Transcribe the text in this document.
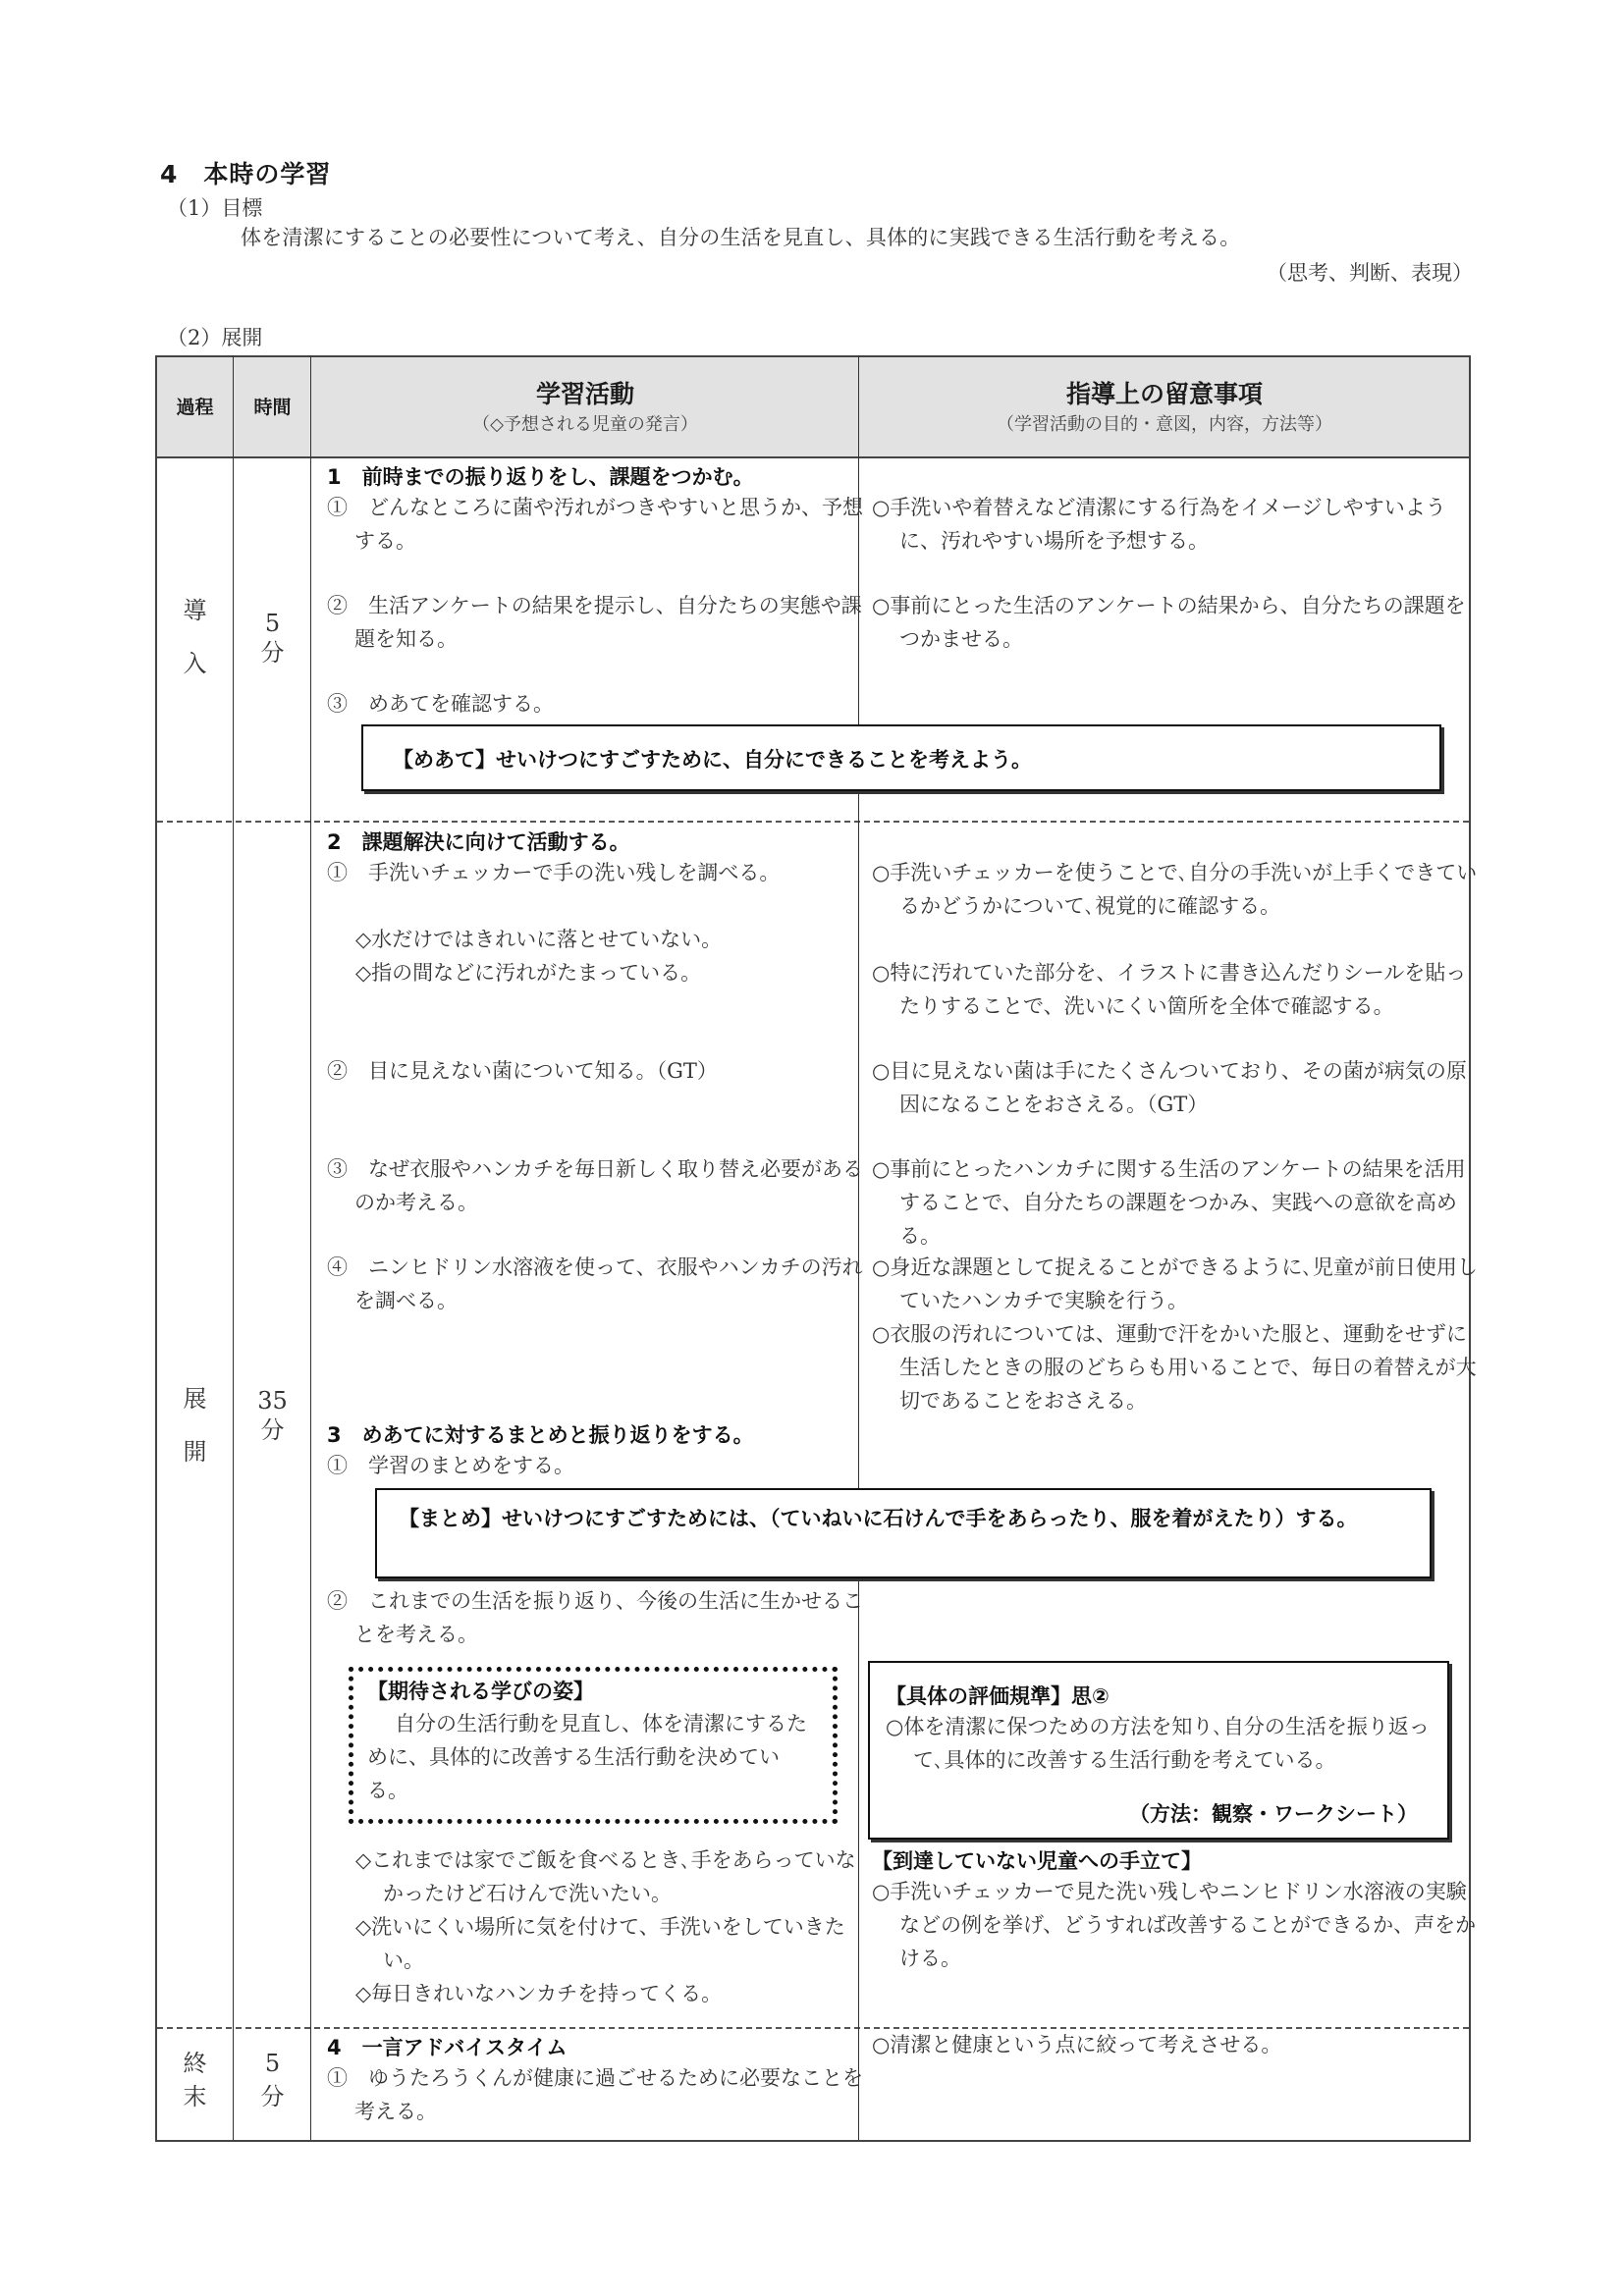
4　本時の学習
（1）目標
体を清潔にすることの必要性について考え、自分の生活を見直し、具体的に実践できる生活行動を考える。
（思考、判断、表現）
（2）展開
過程	時間	学習活動
（◇予想される児童の発言）
指導上の留意事項
（学習活動の目的・意図，内容，方法等）
導
入
5
分
1　前時までの振り返りをし、課題をつかむ。
①　どんなところに菌や汚れがつきやすいと思うか、予想する。
②　生活アンケートの結果を提示し、自分たちの実態や課題を知る。
③　めあてを確認する。
○手洗いや着替えなど清潔にする行為をイメージしやすいように、汚れやすい場所を予想する。
○事前にとった生活のアンケートの結果から、自分たちの課題をつかませる。
【めあて】せいけつにすごすために、自分にできることを考えよう。
展
開
35
分
2　課題解決に向けて活動する。
①　手洗いチェッカーで手の洗い残しを調べる。
◇水だけではきれいに落とせていない。
◇指の間などに汚れがたまっている。
②　目に見えない菌について知る。（GT）
③　なぜ衣服やハンカチを毎日新しく取り替え必要があるのか考える。
④　ニンヒドリン水溶液を使って、衣服やハンカチの汚れを調べる。
○手洗いチェッカーを使うことで､自分の手洗いが上手くできているかどうかについて､視覚的に確認する。
○特に汚れていた部分を、イラストに書き込んだりシールを貼ったりすることで、洗いにくい箇所を全体で確認する。
○目に見えない菌は手にたくさんついており、その菌が病気の原因になることをおさえる。（GT）
○事前にとったハンカチに関する生活のアンケートの結果を活用することで、自分たちの課題をつかみ、実践への意欲を高める。
○身近な課題として捉えることができるように､児童が前日使用していたハンカチで実験を行う。
○衣服の汚れについては、運動で汗をかいた服と、運動をせずに生活したときの服のどちらも用いることで、毎日の着替えが大切であることをおさえる。
3　めあてに対するまとめと振り返りをする。
①　学習のまとめをする。
【まとめ】せいけつにすごすためには、（ていねいに石けんで手をあらったり、服を着がえたり）する。
②　これまでの生活を振り返り、今後の生活に生かせることを考える。
【期待される学びの姿】
自分の生活行動を見直し、体を清潔にするために、具体的に改善する生活行動を決めている。
【具体の評価規準】思②
○体を清潔に保つための方法を知り､自分の生活を振り返って､具体的に改善する生活行動を考えている。
（方法：観察・ワークシート）
◇これまでは家でご飯を食べるとき､手をあらっていなかったけど石けんで洗いたい。
◇洗いにくい場所に気を付けて、手洗いをしていきたい。
◇毎日きれいなハンカチを持ってくる。
【到達していない児童への手立て】
○手洗いチェッカーで見た洗い残しやニンヒドリン水溶液の実験などの例を挙げ、どうすれば改善することができるか、声をかける。
終
末
5
分
4　一言アドバイスタイム
①　ゆうたろうくんが健康に過ごせるために必要なことを考える。
○清潔と健康という点に絞って考えさせる。
